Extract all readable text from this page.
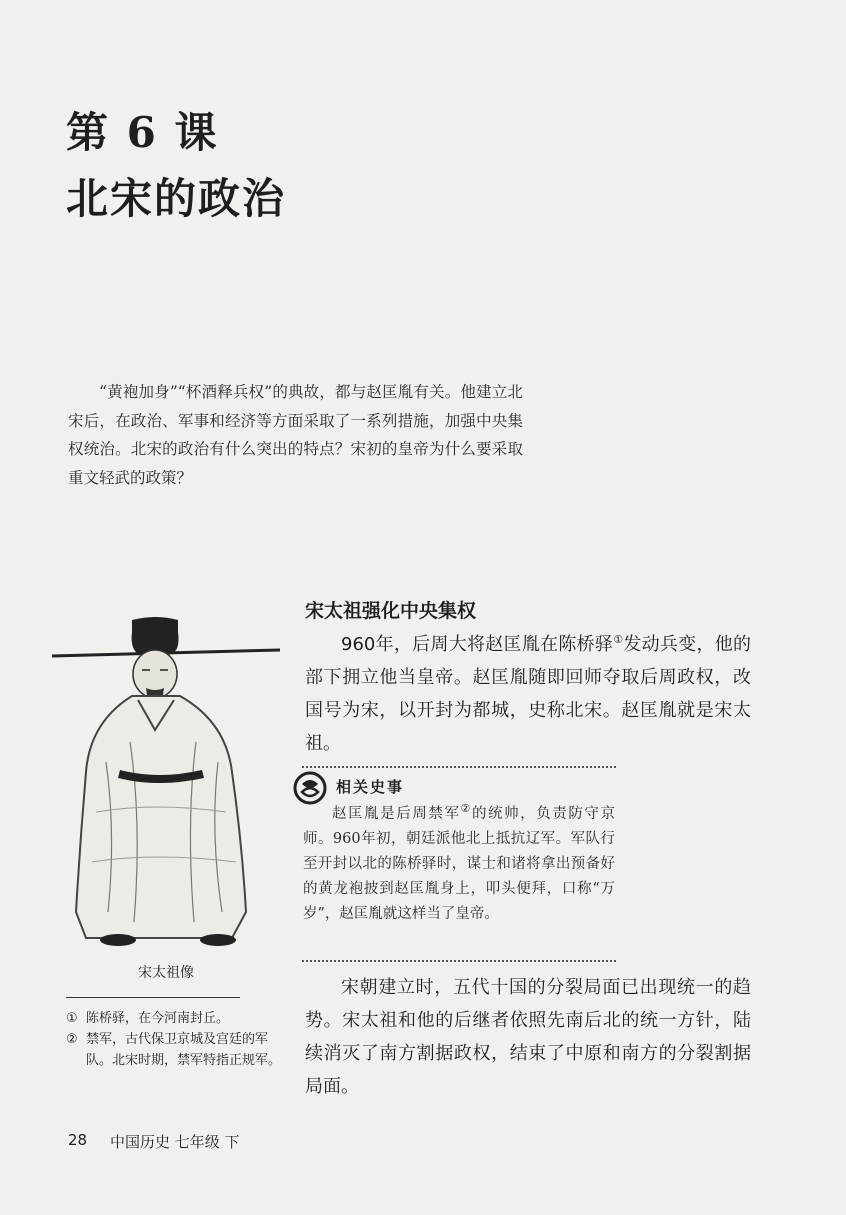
第 6 课
北宋的政治
“黄袍加身”“杯酒释兵权”的典故，都与赵匡胤有关。他建立北宋后，在政治、军事和经济等方面采取了一系列措施，加强中央集权统治。北宋的政治有什么突出的特点？宋初的皇帝为什么要采取重文轻武的政策？
宋太祖像
宋太祖强化中央集权
960年，后周大将赵匡胤在陈桥驿①发动兵变，他的部下拥立他当皇帝。赵匡胤随即回师夺取后周政权，改国号为宋，以开封为都城，史称北宋。赵匡胤就是宋太祖。
相关史事
赵匡胤是后周禁军②的统帅，负责防守京师。960年初，朝廷派他北上抵抗辽军。军队行至开封以北的陈桥驿时，谋士和诸将拿出预备好的黄龙袍披到赵匡胤身上，叩头便拜，口称“万岁”，赵匡胤就这样当了皇帝。
宋朝建立时，五代十国的分裂局面已出现统一的趋势。宋太祖和他的后继者依照先南后北的统一方针，陆续消灭了南方割据政权，结束了中原和南方的分裂割据局面。
① 陈桥驿，在今河南封丘。
② 禁军，古代保卫京城及宫廷的军队。北宋时期，禁军特指正规军。
28 中国历史 七年级 下
